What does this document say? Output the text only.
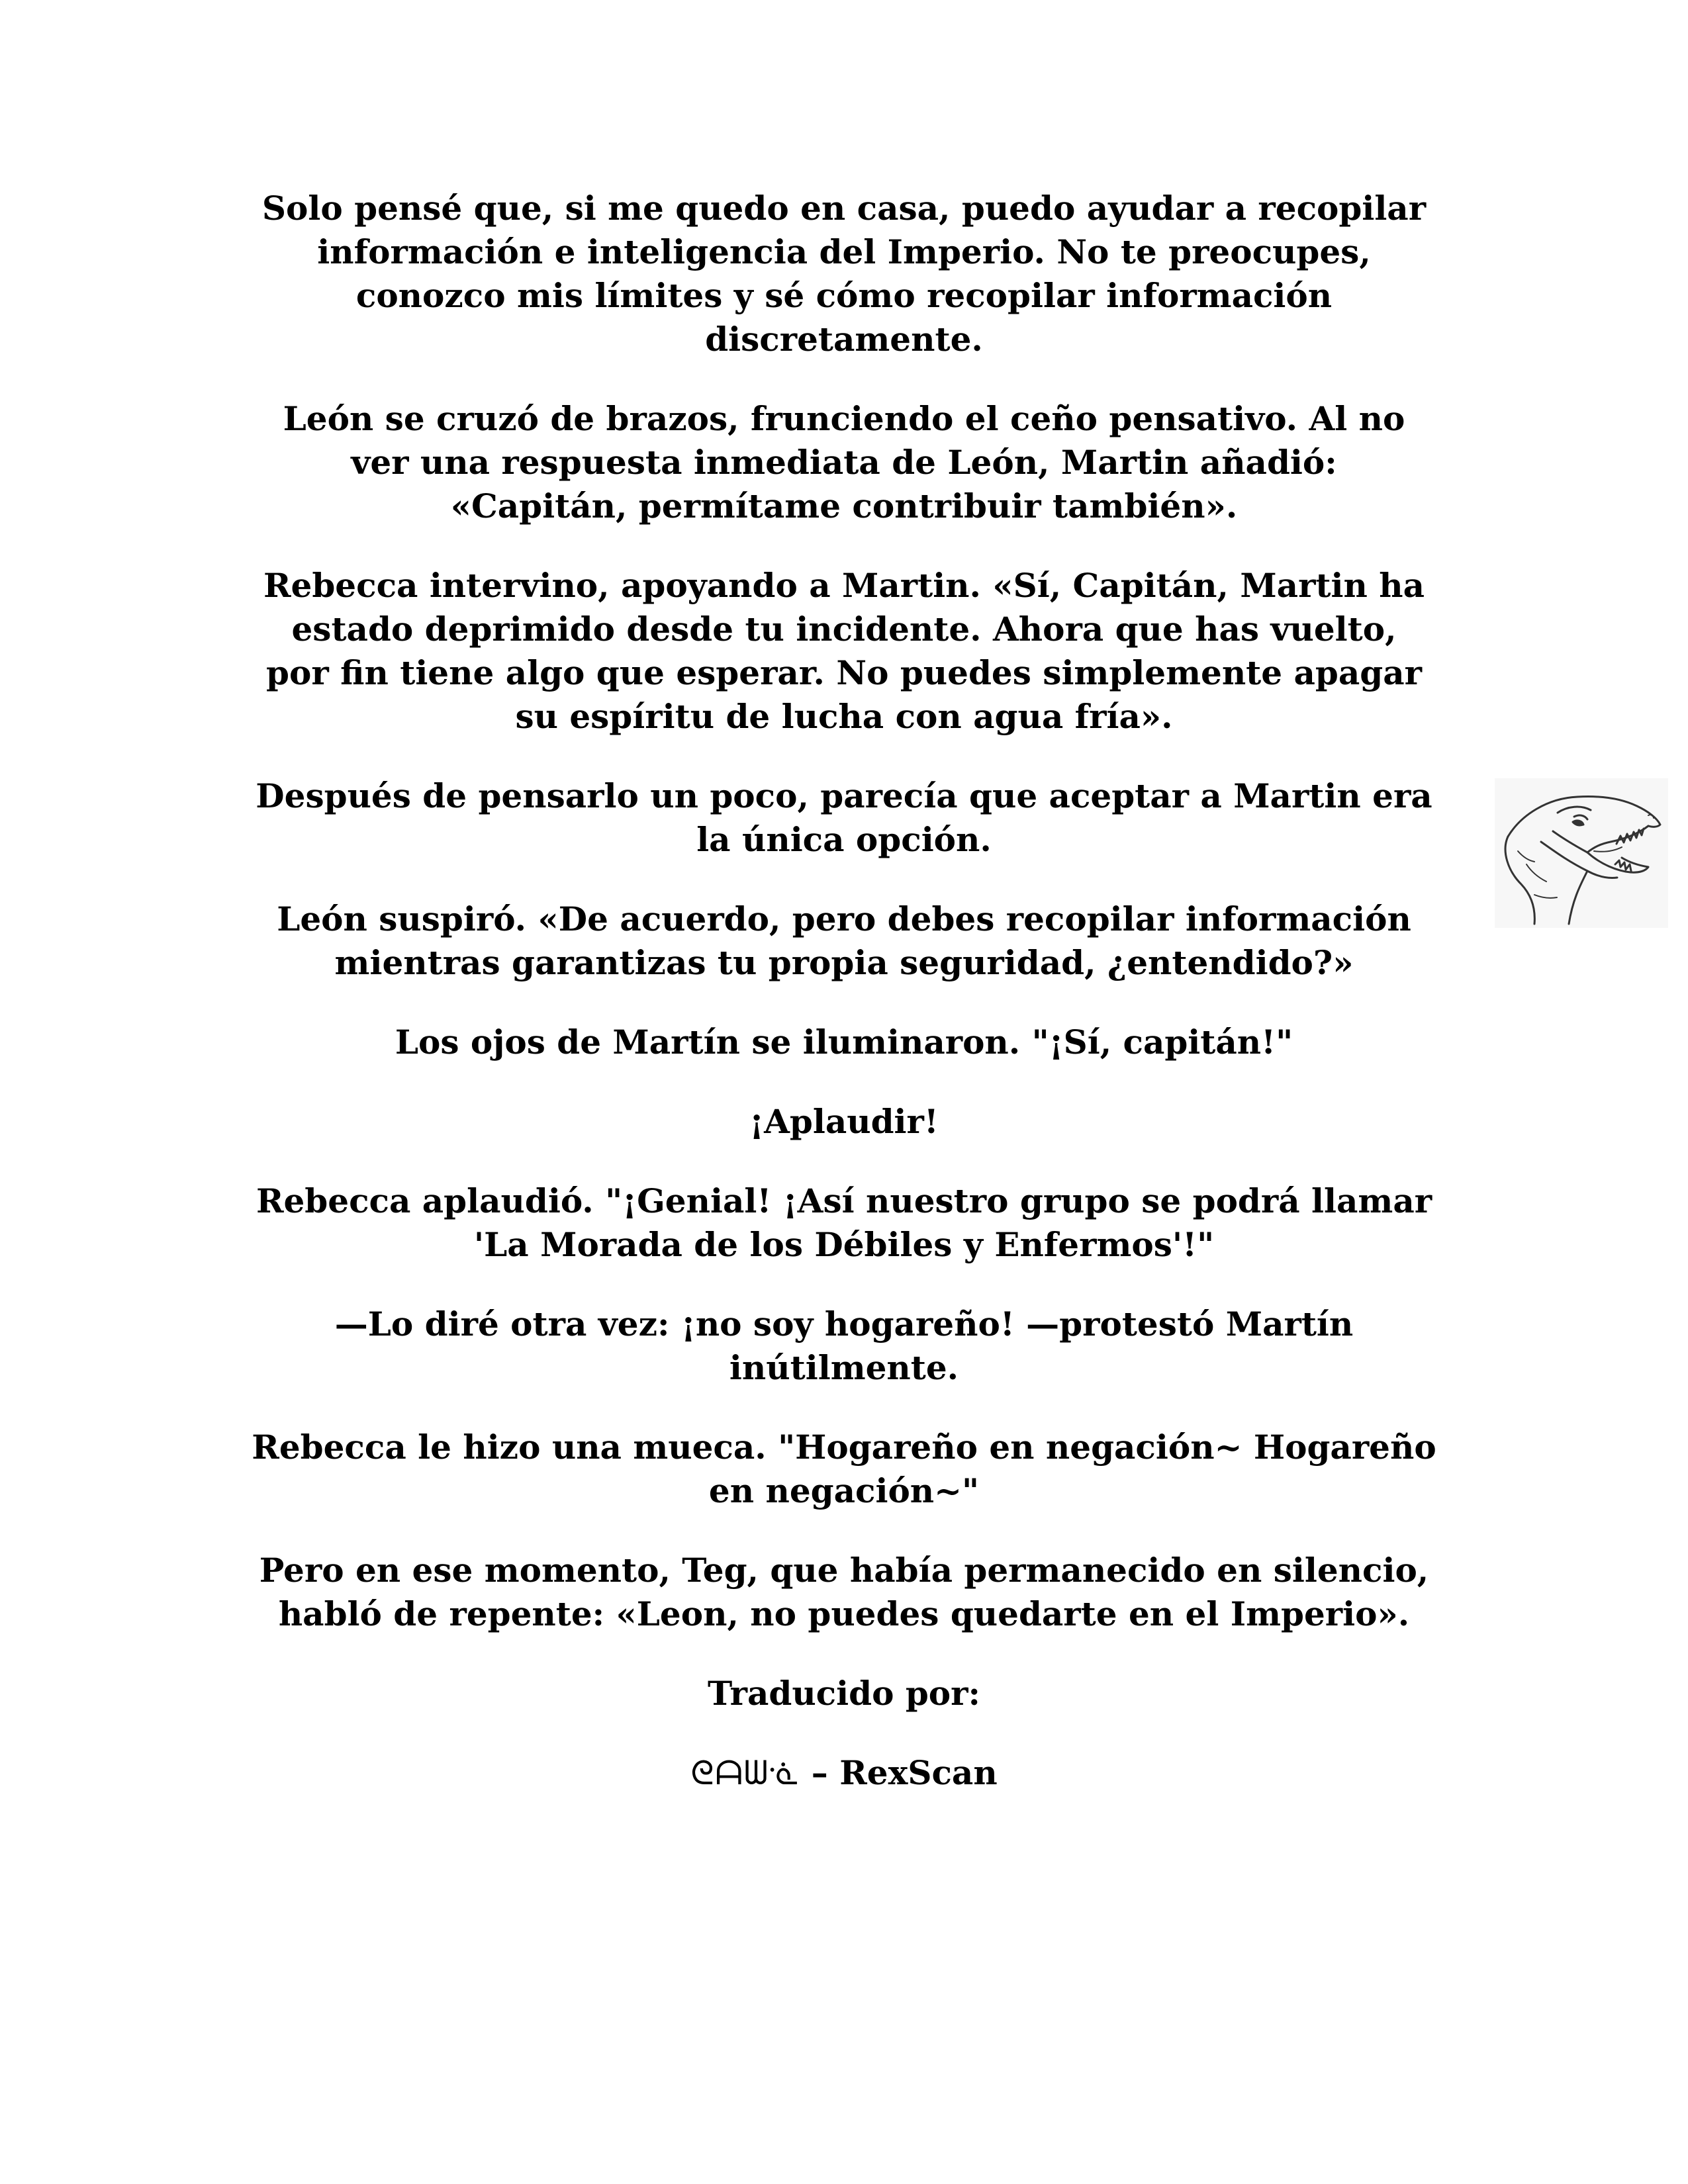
Solo pensé que, si me quedo en casa, puedo ayudar a recopilar
información e inteligencia del Imperio. No te preocupes,
conozco mis límites y sé cómo recopilar información
discretamente.

León se cruzó de brazos, frunciendo el ceño pensativo. Al no
ver una respuesta inmediata de León, Martin añadió:
«Capitán, permítame contribuir también».

Rebecca intervino, apoyando a Martin. «Sí, Capitán, Martin ha
estado deprimido desde tu incidente. Ahora que has vuelto,
por fin tiene algo que esperar. No puedes simplemente apagar
su espíritu de lucha con agua fría».

Después de pensarlo un poco, parecía que aceptar a Martin era
la única opción.

León suspiró. «De acuerdo, pero debes recopilar información
mientras garantizas tu propia seguridad, ¿entendido?»

Los ojos de Martín se iluminaron. "¡Sí, capitán!"

¡Aplaudir!

Rebecca aplaudió. "¡Genial! ¡Así nuestro grupo se podrá llamar
'La Morada de los Débiles y Enfermos'!"

—Lo diré otra vez: ¡no soy hogareño! —protestó Martín
inútilmente.

Rebecca le hizo una mueca. "Hogareño en negación~ Hogareño
en negación~"

Pero en ese momento, Teg, que había permanecido en silencio,
habló de repente: «Leon, no puedes quedarte en el Imperio».

Traducido por:

ᘓᗩᗯᓍ – RexScan
